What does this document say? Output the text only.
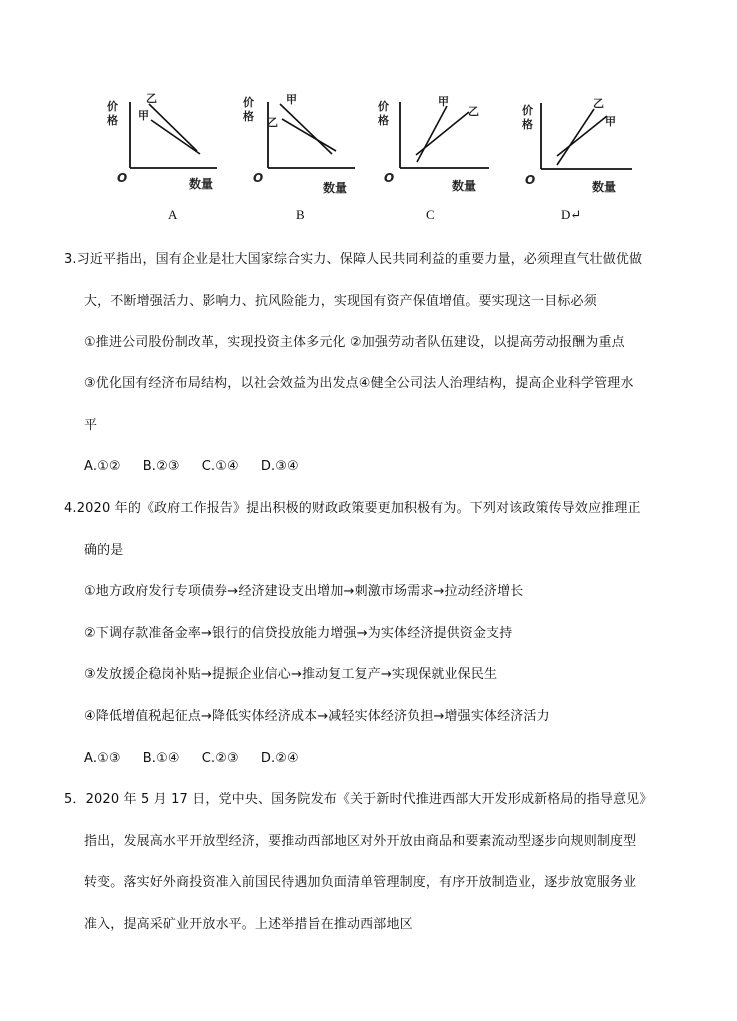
价
格
乙
甲
O	数量
价
格
甲
乙
O
数量
价
格
甲
乙
O
数量
价
格
乙
甲
O	数量
A	B	C	D↵
3.习近平指出，国有企业是壮大国家综合实力、保障人民共同利益的重要力量，必须理直气壮做优做
大，不断增强活力、影响力、抗风险能力，实现国有资产保值增值。要实现这一目标必须
①推进公司股份制改革，实现投资主体多元化 ②加强劳动者队伍建设，以提高劳动报酬为重点
③优化国有经济布局结构，以社会效益为出发点④健全公司法人治理结构，提高企业科学管理水
平
A.①② B.②③ C.①④ D.③④
4.2020 年的《政府工作报告》提出积极的财政政策要更加积极有为。下列对该政策传导效应推理正
确的是
①地方政府发行专项债券→经济建设支出增加→刺激市场需求→拉动经济增长
②下调存款准备金率→银行的信贷投放能力增强→为实体经济提供资金支持
③发放援企稳岗补贴→提振企业信心→推动复工复产→实现保就业保民生
④降低增值税起征点→降低实体经济成本→减轻实体经济负担→增强实体经济活力
A.①③ B.①④ C.②③ D.②④
5．2020 年 5 月 17 日，党中央、国务院发布《关于新时代推进西部大开发形成新格局的指导意见》
指出，发展高水平开放型经济，要推动西部地区对外开放由商品和要素流动型逐步向规则制度型
转变。落实好外商投资准入前国民待遇加负面清单管理制度，有序开放制造业，逐步放宽服务业
准入，提高采矿业开放水平。上述举措旨在推动西部地区
